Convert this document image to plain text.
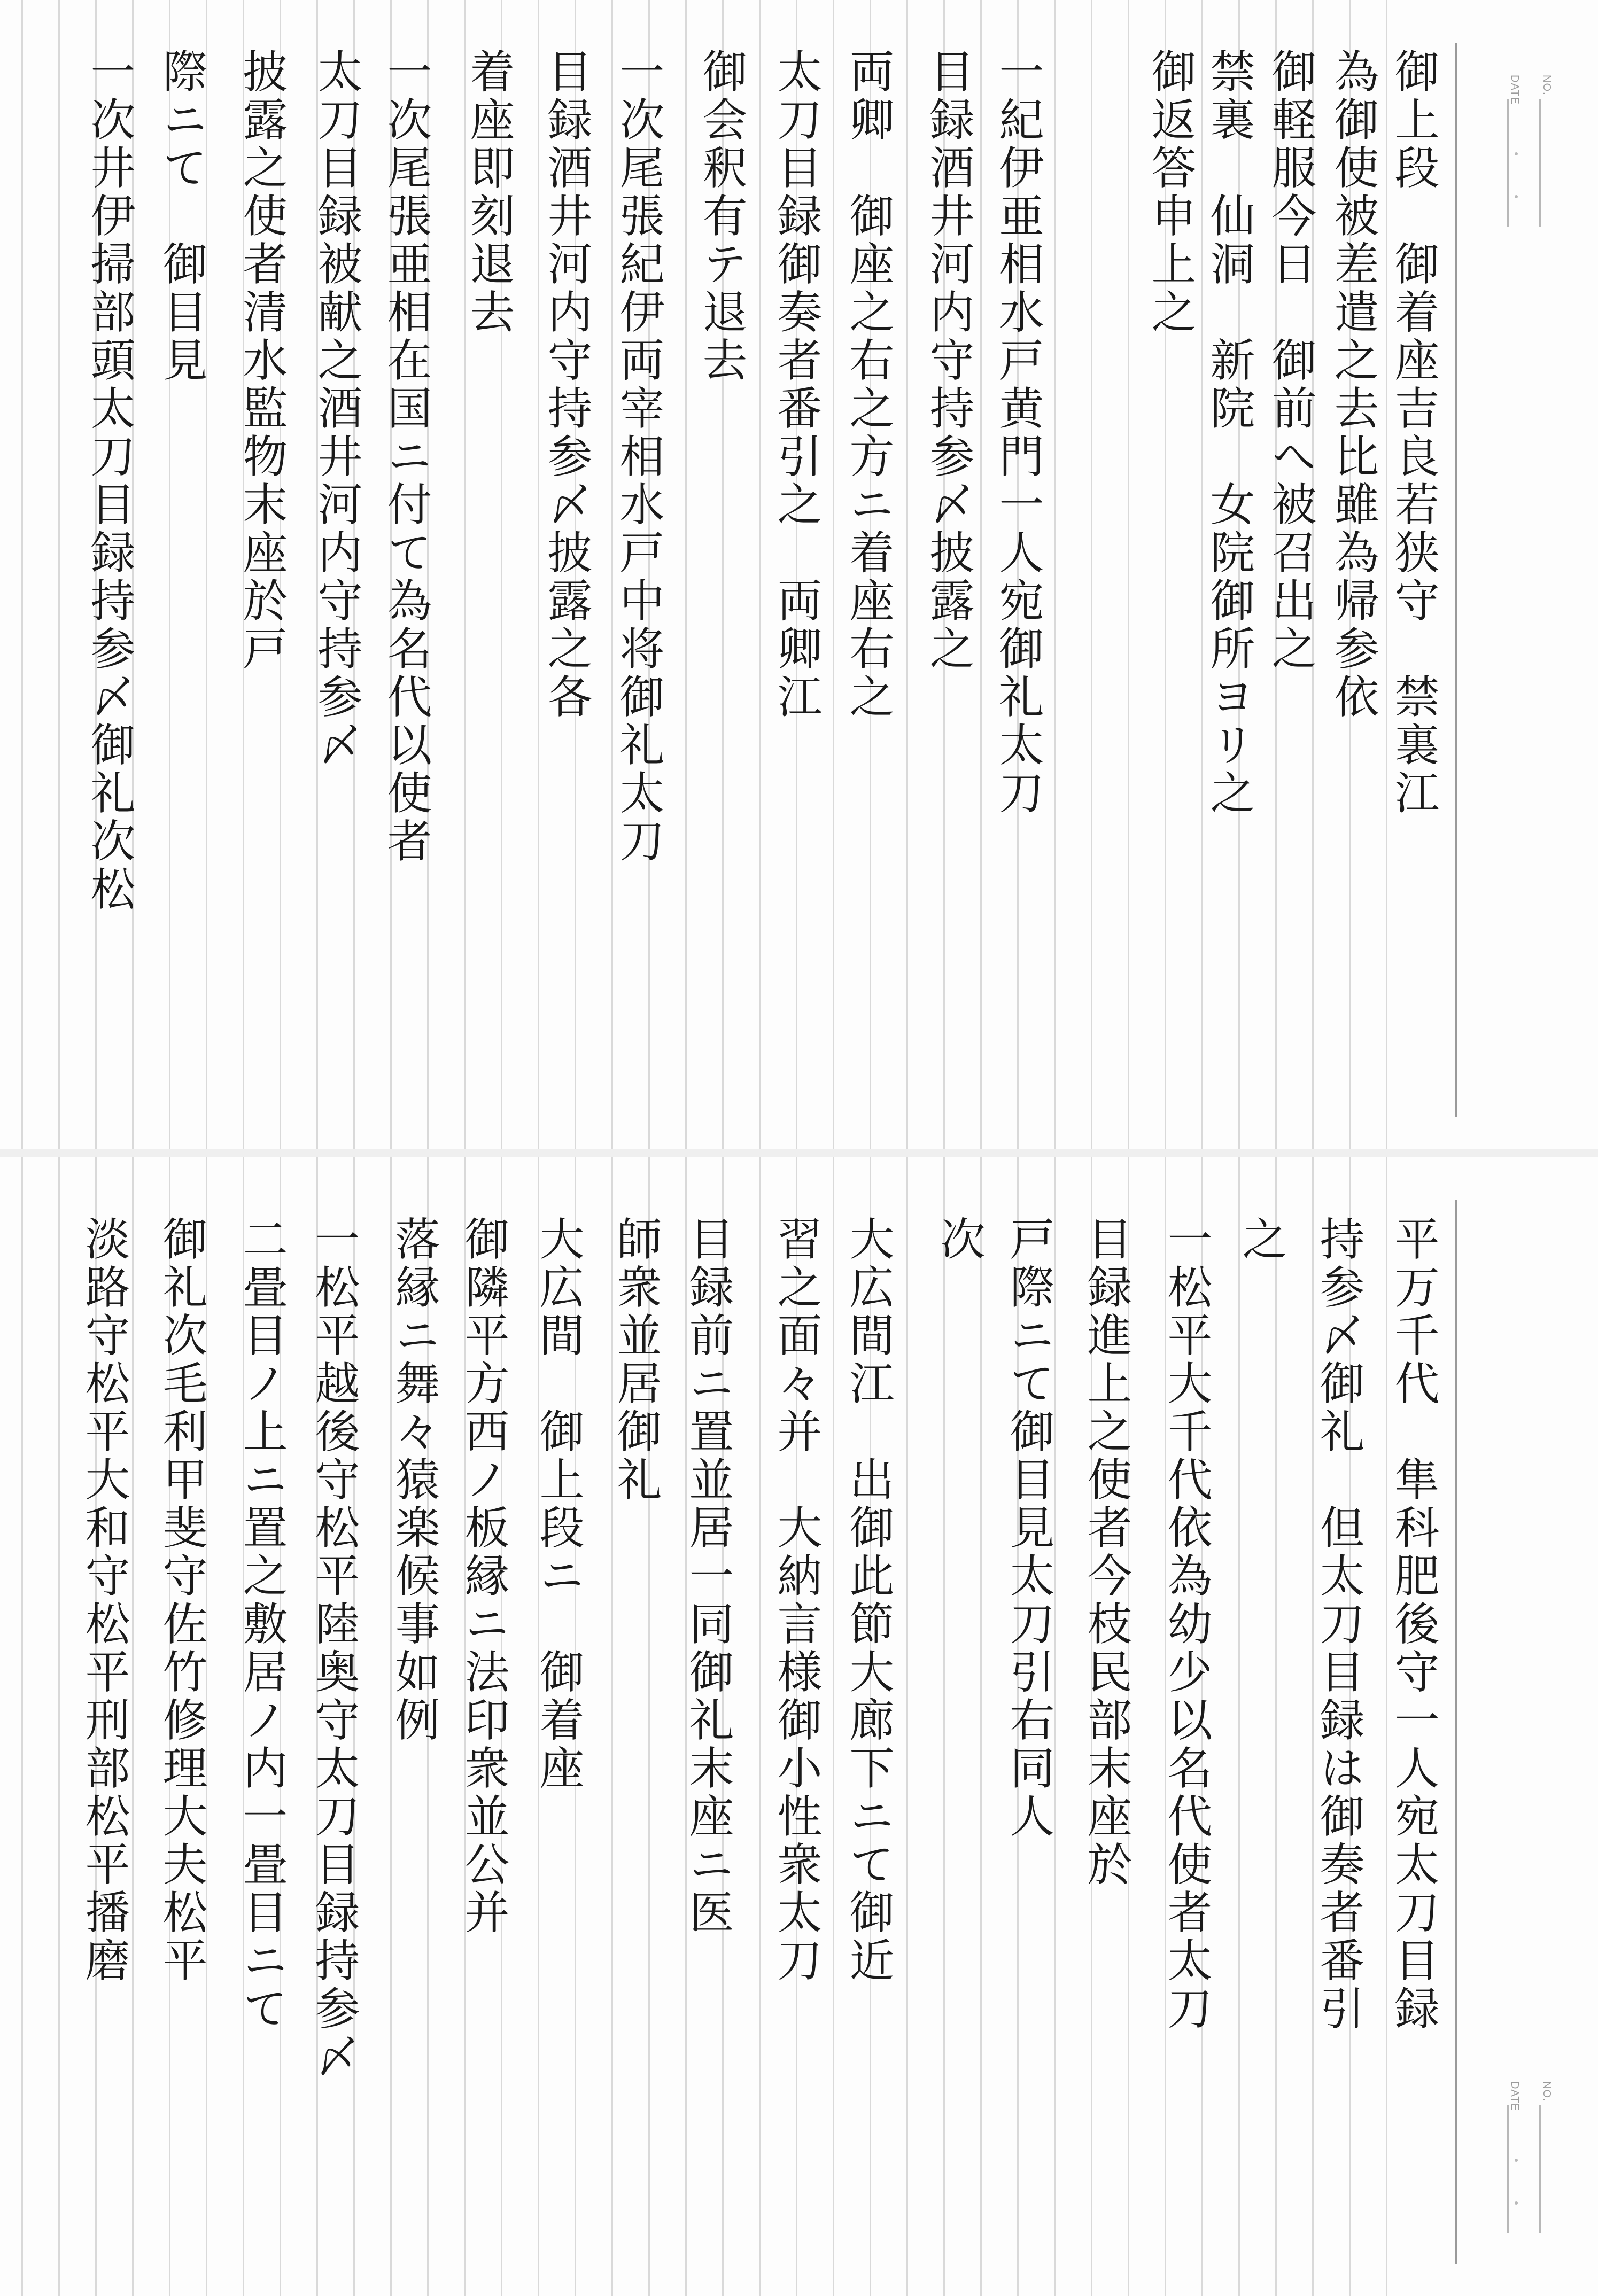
NO.
DATE
御上段　御着座吉良若狭守　禁裏江
為御使被差遣之去比雖為帰参依
御軽服今日　御前へ被召出之
禁裏　仙洞　新院　女院御所ヨリ之
御返答申上之
一紀伊亜相水戸黄門一人宛御礼太刀
目録酒井河内守持参〆披露之
両卿　御座之右之方ニ着座右之
太刀目録御奏者番引之　両卿江
御会釈有テ退去
一次尾張紀伊両宰相水戸中将御礼太刀
目録酒井河内守持参〆披露之各
着座即刻退去
一次尾張亜相在国ニ付て為名代以使者
太刀目録被献之酒井河内守持参〆
披露之使者清水監物末座於戸
際ニて　御目見
一次井伊掃部頭太刀目録持参〆御礼次松
NO.
DATE
平万千代　隼科肥後守一人宛太刀目録
持参〆御礼　但太刀目録は御奏者番引
之
一松平大千代依為幼少以名代使者太刀
目録進上之使者今枝民部末座於
戸際ニて御目見太刀引右同人
次
大広間江　出御此節大廊下ニて御近
習之面々并　大納言様御小性衆太刀
目録前ニ置並居一同御礼末座ニ医
師衆並居御礼
大広間　御上段ニ　御着座
御隣平方西ノ板縁ニ法印衆並公并
落縁ニ舞々猿楽候事如例
一松平越後守松平陸奥守太刀目録持参〆
二畳目ノ上ニ置之敷居ノ内一畳目ニて
御礼次毛利甲斐守佐竹修理大夫松平
淡路守松平大和守松平刑部松平播磨
